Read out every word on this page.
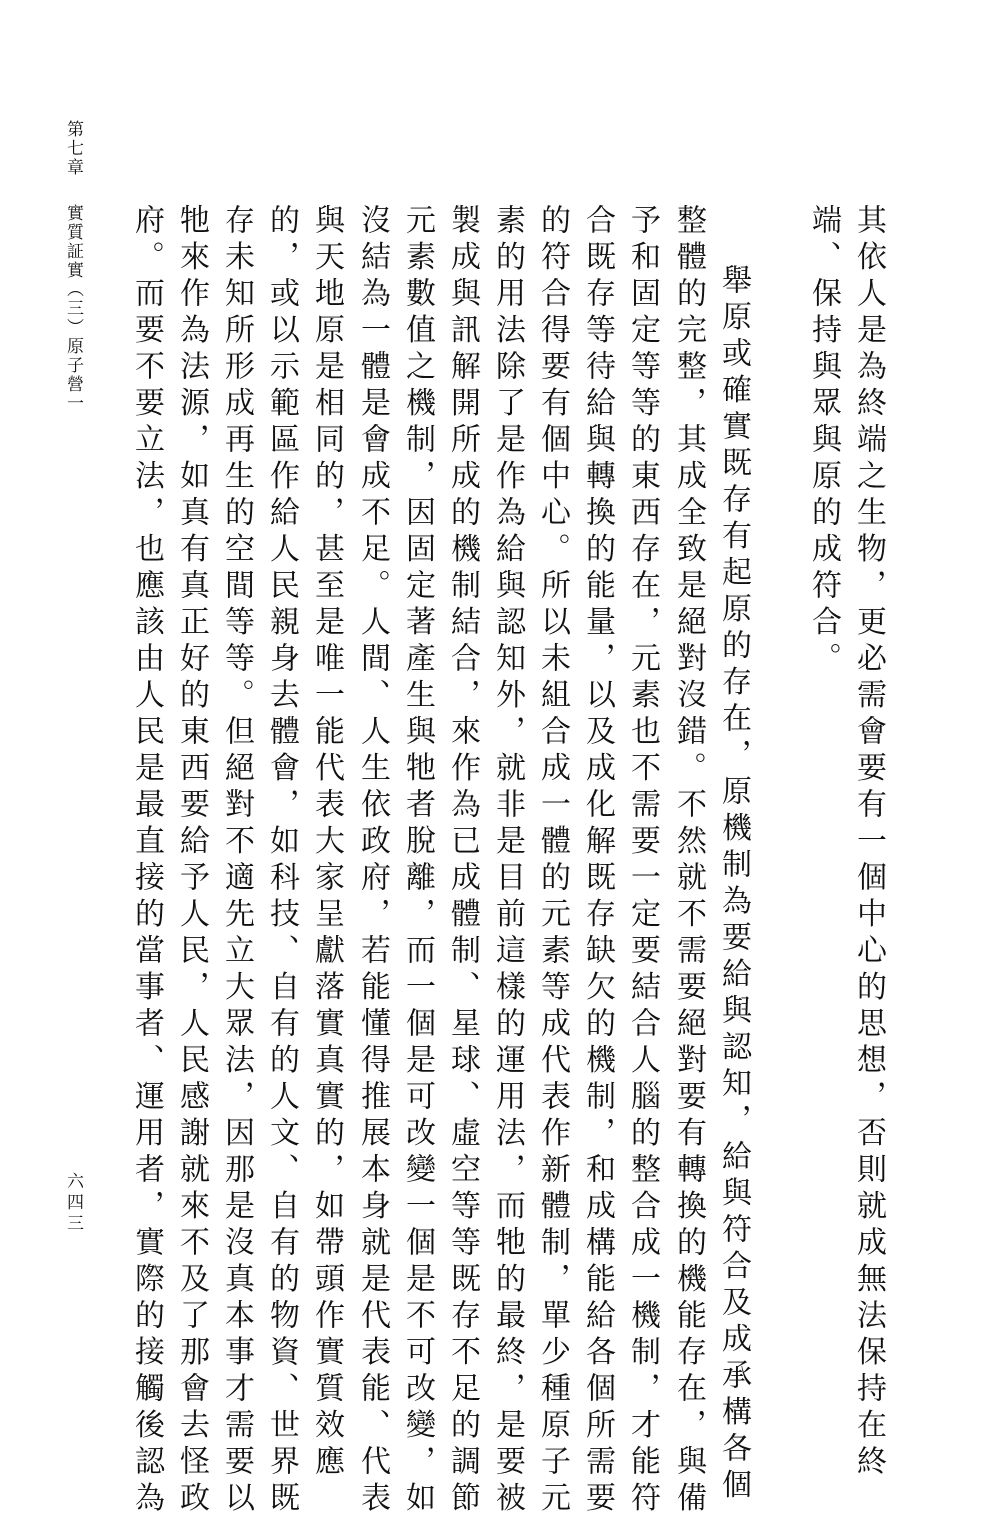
第七章
實質証實（三）原子營一
六四三	其依人是為終端之生物，更必需會要有一個中心的思想，否則就成無法保持在終
端、保持與眾與原的成符合。
舉原或確實既存有起原的存在，原機制為要給與認知，給與符合及成承構各個
整體的完整，其成全致是絕對沒錯。不然就不需要絕對要有轉換的機能存在，與備
予和固定等等的東西存在，元素也不需要一定要結合人腦的整合成一機制，才能符
合既存等待給與轉換的能量，以及成化解既存缺欠的機制，和成構能給各個所需要
的符合得要有個中心。所以未組合成一體的元素等成代表作新體制，單少種原子元
素的用法除了是作為給與認知外，就非是目前這樣的運用法，而牠的最終，是要被
製成與訊解開所成的機制結合，來作為已成體制、星球、虛空等等既存不足的調節
元素數值之機制，因固定著產生與牠者脫離，而一個是可改變一個是不可改變，如
沒結為一體是會成不足。人間、人生依政府，若能懂得推展本身就是代表能、代表
與天地原是相同的，甚至是唯一能代表大家呈獻落實真實的，如帶頭作實質效應
的，或以示範區作給人民親身去體會，如科技、自有的人文、自有的物資、世界既
存未知所形成再生的空間等等。但絕對不適先立大眾法，因那是沒真本事才需要以
牠來作為法源，如真有真正好的東西要給予人民，人民感謝就來不及了那會去怪政
府。而要不要立法，也應該由人民是最直接的當事者、運用者，實際的接觸後認為
